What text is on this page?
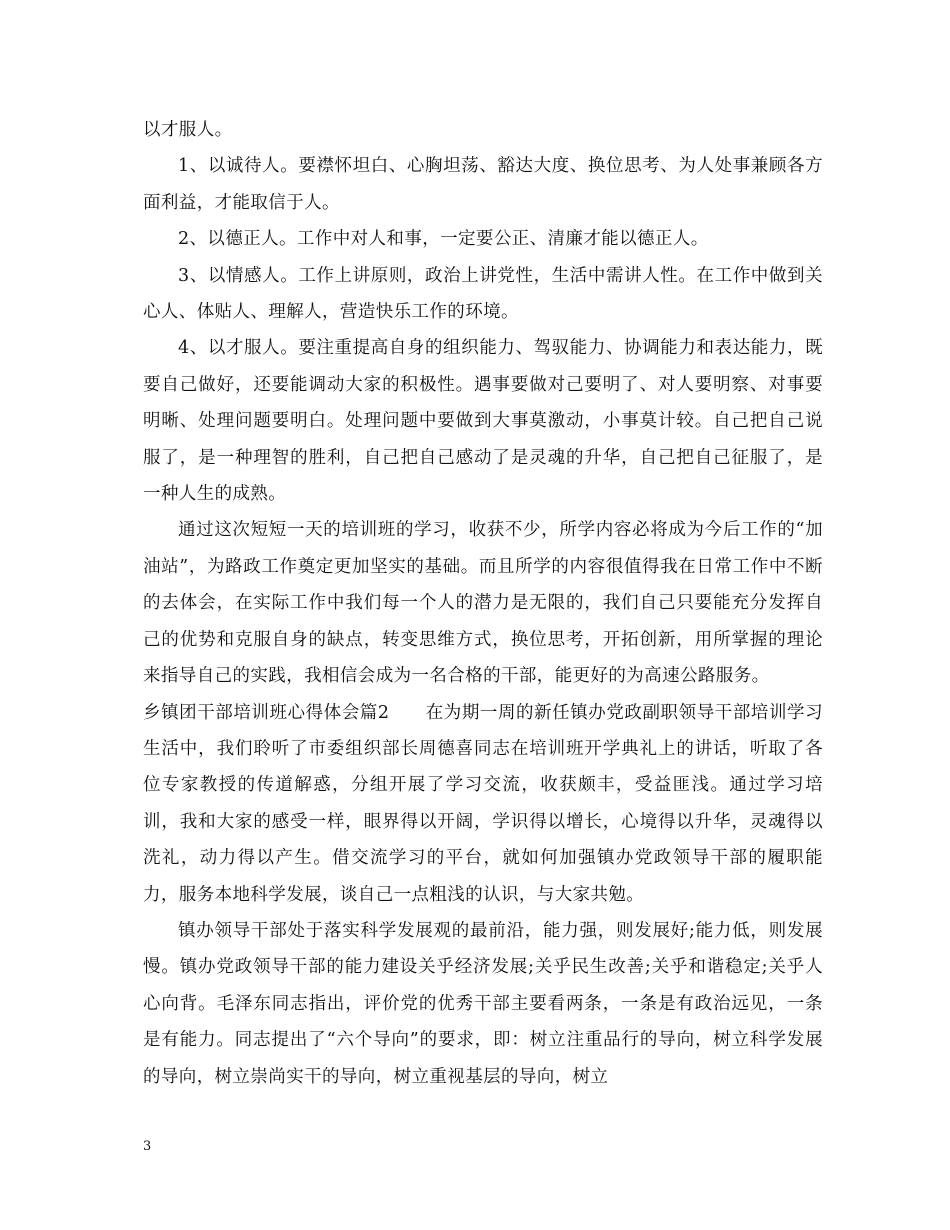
以才服人。

1、以诚待人。要襟怀坦白、心胸坦荡、豁达大度、换位思考、为人处事兼顾各方面利益，才能取信于人。

2、以德正人。工作中对人和事，一定要公正、清廉才能以德正人。

3、以情感人。工作上讲原则，政治上讲党性，生活中需讲人性。在工作中做到关心人、体贴人、理解人，营造快乐工作的环境。

4、以才服人。要注重提高自身的组织能力、驾驭能力、协调能力和表达能力，既要自己做好，还要能调动大家的积极性。遇事要做对己要明了、对人要明察、对事要明晰、处理问题要明白。处理问题中要做到大事莫激动，小事莫计较。自己把自己说服了，是一种理智的胜利，自己把自己感动了是灵魂的升华，自己把自己征服了，是一种人生的成熟。

通过这次短短一天的培训班的学习，收获不少，所学内容必将成为今后工作的“加油站”，为路政工作奠定更加坚实的基础。而且所学的内容很值得我在日常工作中不断的去体会，在实际工作中我们每一个人的潜力是无限的，我们自己只要能充分发挥自己的优势和克服自身的缺点，转变思维方式，换位思考，开拓创新，用所掌握的理论来指导自己的实践，我相信会成为一名合格的干部，能更好的为高速公路服务。

乡镇团干部培训班心得体会篇2　　在为期一周的新任镇办党政副职领导干部培训学习生活中，我们聆听了市委组织部长周德喜同志在培训班开学典礼上的讲话，听取了各位专家教授的传道解惑，分组开展了学习交流，收获颇丰，受益匪浅。通过学习培训，我和大家的感受一样，眼界得以开阔，学识得以增长，心境得以升华，灵魂得以洗礼，动力得以产生。借交流学习的平台，就如何加强镇办党政领导干部的履职能力，服务本地科学发展，谈自己一点粗浅的认识，与大家共勉。

镇办领导干部处于落实科学发展观的最前沿，能力强，则发展好;能力低，则发展慢。镇办党政领导干部的能力建设关乎经济发展;关乎民生改善;关乎和谐稳定;关乎人心向背。毛泽东同志指出，评价党的优秀干部主要看两条，一条是有政治远见，一条是有能力。同志提出了“六个导向”的要求，即：树立注重品行的导向，树立科学发展的导向，树立崇尚实干的导向，树立重视基层的导向，树立

3
